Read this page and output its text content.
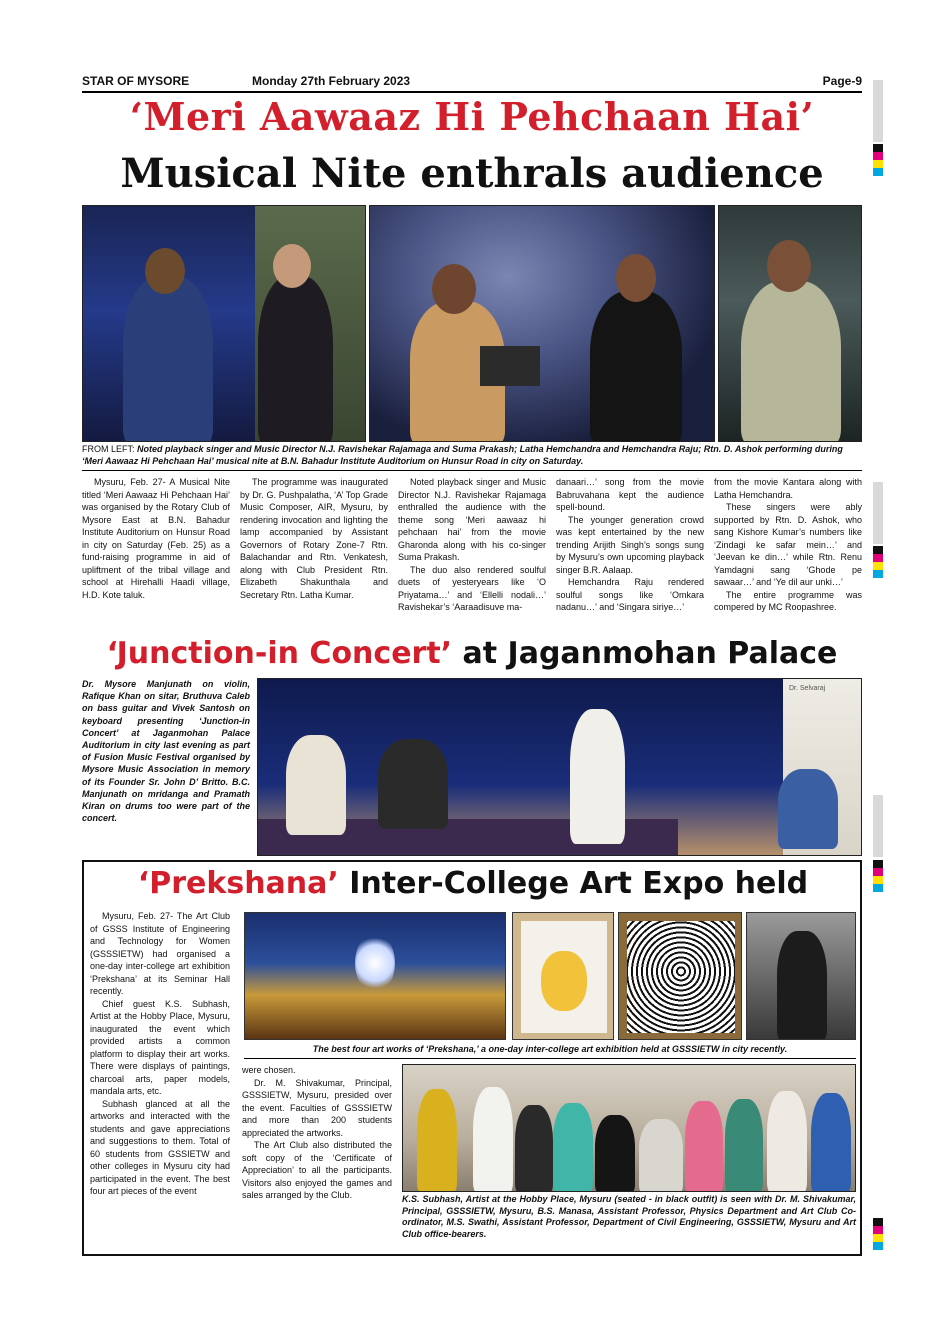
STAR OF MYSORE	Monday 27th February 2023	Page-9
‘Meri Aawaaz Hi Pehchaan Hai’
Musical Nite enthrals audience
FROM LEFT: Noted playback singer and Music Director N.J. Ravishekar Rajamaga and Suma Prakash; Latha Hemchandra and Hemchandra Raju; Rtn. D. Ashok performing during ‘Meri Aawaaz Hi Pehchaan Hai’ musical nite at B.N. Bahadur Institute Auditorium on Hunsur Road in city on Saturday.

Mysuru, Feb. 27- A Musical Nite titled ‘Meri Aawaaz Hi Pehchaan Hai’ was organised by the Rotary Club of Mysore East at B.N. Bahadur Institute Auditorium on Hunsur Road in city on Saturday (Feb. 25) as a fund-raising programme in aid of upliftment of the tribal village and school at Hirehalli Haadi village, H.D. Kote taluk.

The programme was inaugurated by Dr. G. Pushpalatha, ‘A’ Top Grade Music Composer, AIR, Mysuru, by rendering invocation and lighting the lamp accompanied by Assistant Governors of Rotary Zone-7 Rtn. Balachandar and Rtn. Venkatesh, along with Club President Rtn. Elizabeth Shakunthala and Secretary Rtn. Latha Kumar.

Noted playback singer and Music Director N.J. Ravishekar Rajamaga enthralled the audience with the theme song ‘Meri aawaaz hi pehchaan hai’ from the movie Gharonda along with his co-singer Suma Prakash.

The duo also rendered soulful duets of yesteryears like ‘O Priyatama…’ and ‘Ellelli nodali…’ Ravishekar’s ‘Aaraadisuve ma-

danaari…’ song from the movie Babruvahana kept the audience spell-bound.

The younger generation crowd was kept entertained by the new trending Arijith Singh’s songs sung by Mysuru’s own upcoming playback singer B.R. Aalaap.

Hemchandra Raju rendered soulful songs like ‘Omkara nadanu…’ and ‘Singara siriye…’

from the movie Kantara along with Latha Hemchandra.

These singers were ably supported by Rtn. D. Ashok, who sang Kishore Kumar’s numbers like ‘Zindagi ke safar mein…’ and ‘Jeevan ke din…’ while Rtn. Renu Yamdagni sang ‘Ghode pe sawaar…’ and ‘Ye dil aur unki…’

The entire programme was compered by MC Roopashree.

‘Junction-in Concert’ at Jaganmohan Palace
Dr. Mysore Manjunath on violin, Rafique Khan on sitar, Bruthuva Caleb on bass guitar and Vivek Santosh on keyboard presenting ‘Junction-in Concert’ at Jaganmohan Palace Auditorium in city last evening as part of Fusion Music Festival organised by Mysore Music Association in memory of its Founder Sr. John D’ Britto. B.C. Manjunath on mridanga and Pramath Kiran on drums too were part of the concert.
Dr. Selvaraj
‘Prekshana’ Inter-College Art Expo held

Mysuru, Feb. 27- The Art Club of GSSS Institute of Engineering and Technology for Women (GSSSIETW) had organised a one-day inter-college art exhibition ‘Prekshana’ at its Seminar Hall recently.

Chief guest K.S. Subhash, Artist at the Hobby Place, Mysuru, inaugurated the event which provided artists a common platform to display their art works. There were displays of paintings, charcoal arts, paper models, mandala arts, etc.

Subhash glanced at all the artworks and interacted with the students and gave appreciations and suggestions to them. Total of 60 students from GSSIETW and other colleges in Mysuru city had participated in the event. The best four art pieces of the event

The best four art works of ‘Prekshana,’ a one-day inter-college art exhibition held at GSSSIETW in city recently.

were chosen.

Dr. M. Shivakumar, Principal, GSSSIETW, Mysuru, presided over the event. Faculties of GSSSIETW and more than 200 students appreciated the artworks.

The Art Club also distributed the soft copy of the ‘Certificate of Appreciation’ to all the participants. Visitors also enjoyed the games and sales arranged by the Club.	K.S. Subhash, Artist at the Hobby Place, Mysuru (seated - in black outfit) is seen with Dr. M. Shivakumar, Principal, GSSSIETW, Mysuru, B.S. Manasa, Assistant Professor, Physics Department and Art Club Co-ordinator, M.S. Swathi, Assistant Professor, Department of Civil Engineering, GSSSIETW, Mysuru and Art Club office-bearers.
